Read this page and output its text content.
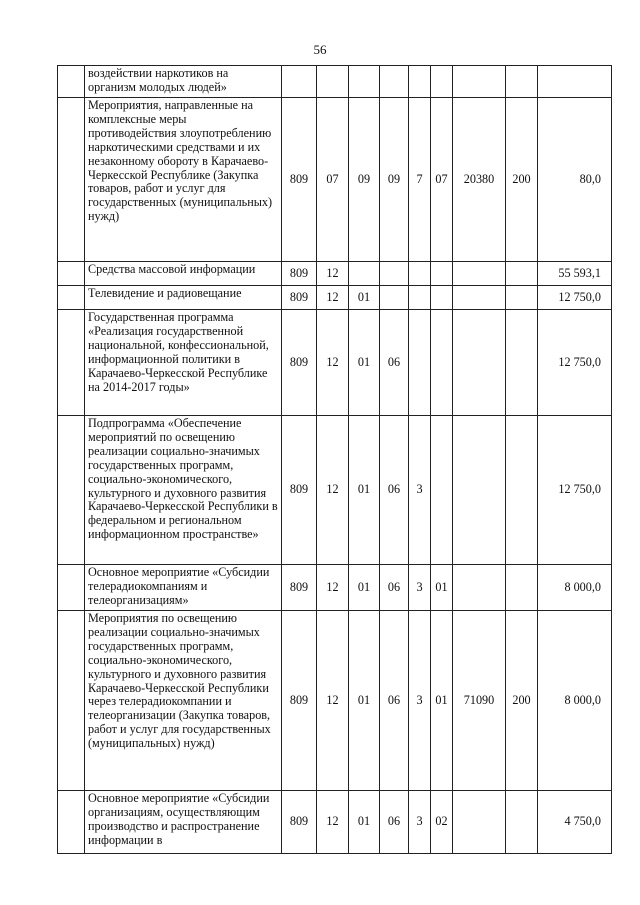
56
	воздействии наркотиков на организм молодых людей»									
	Мероприятия, направленные на комплексные меры противодействия злоупотреблению наркотическими средствами и их незаконному обороту в Карачаево-Черкесской Республике (Закупка товаров, работ и услуг для государственных (муниципальных) нужд)	809	07	09	09	7	07	20380	200	80,0
	Средства массовой информации	809	12							55 593,1
	Телевидение и радиовещание	809	12	01						12 750,0
	Государственная программа «Реализация государственной национальной, конфессиональной, информационной политики в Карачаево-Черкесской Республике на 2014-2017 годы»	809	12	01	06					12 750,0
	Подпрограмма «Обеспечение мероприятий по освещению реализации социально-значимых государственных программ, социально-экономического, культурного и духовного развития Карачаево-Черкесской Республики в федеральном и региональном информационном пространстве»	809	12	01	06	3				12 750,0
	Основное мероприятие «Субсидии телерадиокомпаниям и телеорганизациям»	809	12	01	06	3	01			8 000,0
	Мероприятия по освещению реализации социально-значимых государственных программ, социально-экономического, культурного и духовного развития Карачаево-Черкесской Республики через телерадиокомпании и телеорганизации (Закупка товаров, работ и услуг для государственных (муниципальных) нужд)	809	12	01	06	3	01	71090	200	8 000,0
	Основное мероприятие «Субсидии организациям, осуществляющим производство и распространение информации в	809	12	01	06	3	02			4 750,0
